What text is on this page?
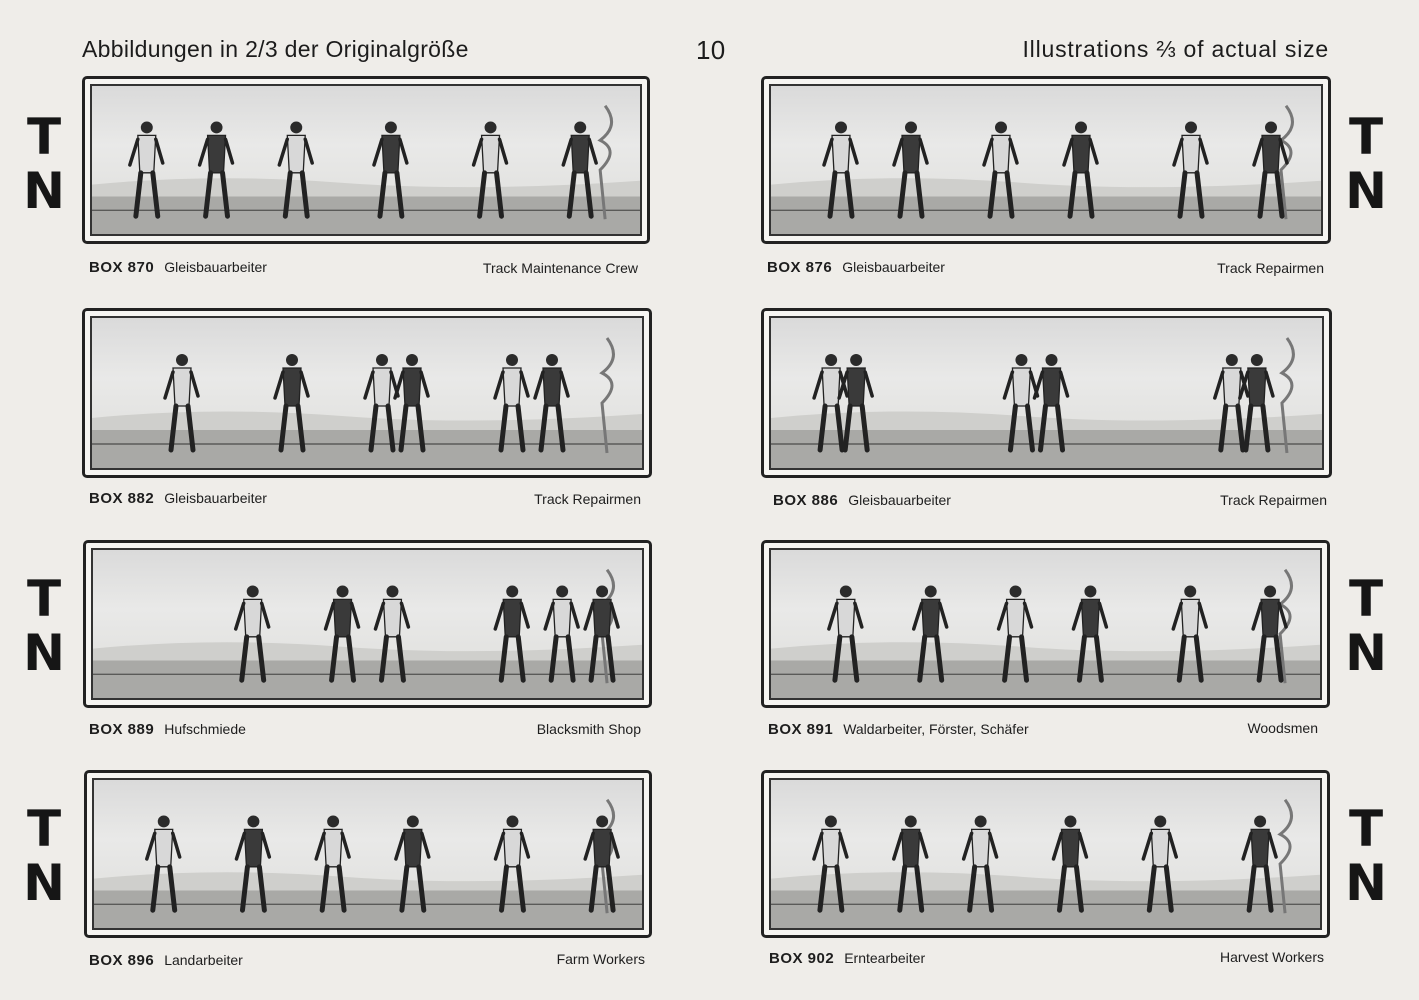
Abbildungen in 2/3 der Originalgröße	10	Illustrations ⅔ of actual size
T
N
T
N
T
N
T
N
T
N
T
N
BOX 870 Gleisbauarbeiter	Track Maintenance Crew	BOX 876 Gleisbauarbeiter	Track Repairmen
BOX 882 Gleisbauarbeiter	Track Repairmen	BOX 886 Gleisbauarbeiter	Track Repairmen
BOX 889 Hufschmiede	Blacksmith Shop	BOX 891 Waldarbeiter, Förster, Schäfer	Woodsmen
BOX 896 Landarbeiter	Farm Workers	BOX 902 Erntearbeiter	Harvest Workers
